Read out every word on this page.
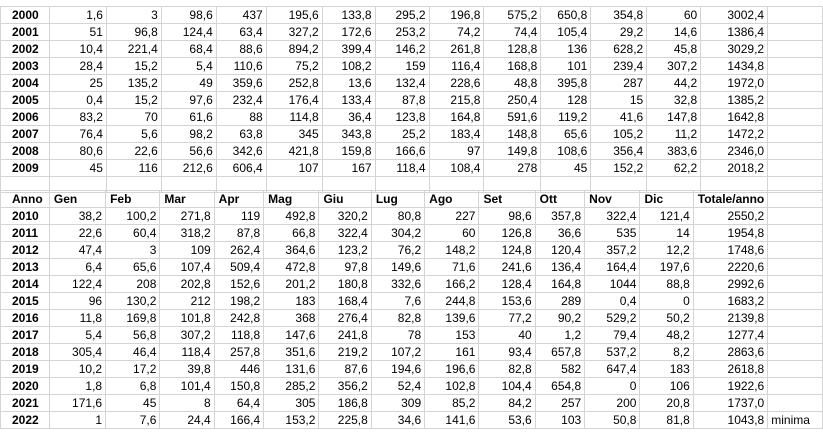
2000	1,6	3	98,6	437	195,6	133,8	295,2	196,8	575,2	650,8	354,8	60	3002,4	
2001	51	96,8	124,4	63,4	327,2	172,6	253,2	74,2	74,4	105,4	29,2	14,6	1386,4	
2002	10,4	221,4	68,4	88,6	894,2	399,4	146,2	261,8	128,8	136	628,2	45,8	3029,2	
2003	28,4	15,2	5,4	110,6	75,2	108,2	159	116,4	168,8	101	239,4	307,2	1434,8	
2004	25	135,2	49	359,6	252,8	13,6	132,4	228,6	48,8	395,8	287	44,2	1972,0	
2005	0,4	15,2	97,6	232,4	176,4	133,4	87,8	215,8	250,4	128	15	32,8	1385,2	
2006	83,2	70	61,6	88	114,8	36,4	123,8	164,8	591,6	119,2	41,6	147,8	1642,8	
2007	76,4	5,6	98,2	63,8	345	343,8	25,2	183,4	148,8	65,6	105,2	11,2	1472,2	
2008	80,6	22,6	56,6	342,6	421,8	159,8	166,6	97	149,8	108,6	356,4	383,6	2346,0	
2009	45	116	212,6	606,4	107	167	118,4	108,4	278	45	152,2	62,2	2018,2	

Anno	Gen	Feb	Mar	Apr	Mag	Giu	Lug	Ago	Set	Ott	Nov	Dic	Totale/anno	
2010	38,2	100,2	271,8	119	492,8	320,2	80,8	227	98,6	357,8	322,4	121,4	2550,2	
2011	22,6	60,4	318,2	87,8	66,8	322,4	304,2	60	126,8	36,6	535	14	1954,8	
2012	47,4	3	109	262,4	364,6	123,2	76,2	148,2	124,8	120,4	357,2	12,2	1748,6	
2013	6,4	65,6	107,4	509,4	472,8	97,8	149,6	71,6	241,6	136,4	164,4	197,6	2220,6	
2014	122,4	208	202,8	152,6	201,2	180,8	332,6	166,2	128,4	164,8	1044	88,8	2992,6	
2015	96	130,2	212	198,2	183	168,4	7,6	244,8	153,6	289	0,4	0	1683,2	
2016	11,8	169,8	101,8	242,8	368	276,4	82,8	139,6	77,2	90,2	529,2	50,2	2139,8	
2017	5,4	56,8	307,2	118,8	147,6	241,8	78	153	40	1,2	79,4	48,2	1277,4	
2018	305,4	46,4	118,4	257,8	351,6	219,2	107,2	161	93,4	657,8	537,2	8,2	2863,6	
2019	10,2	17,2	39,8	446	131,6	87,6	194,6	196,6	82,8	582	647,4	183	2618,8	
2020	1,8	6,8	101,4	150,8	285,2	356,2	52,4	102,8	104,4	654,8	0	106	1922,6	
2021	171,6	45	8	64,4	305	186,8	309	85,2	84,2	257	200	20,8	1737,0	
2022	1	7,6	24,4	166,4	153,2	225,8	34,6	141,6	53,6	103	50,8	81,8	1043,8	minima
